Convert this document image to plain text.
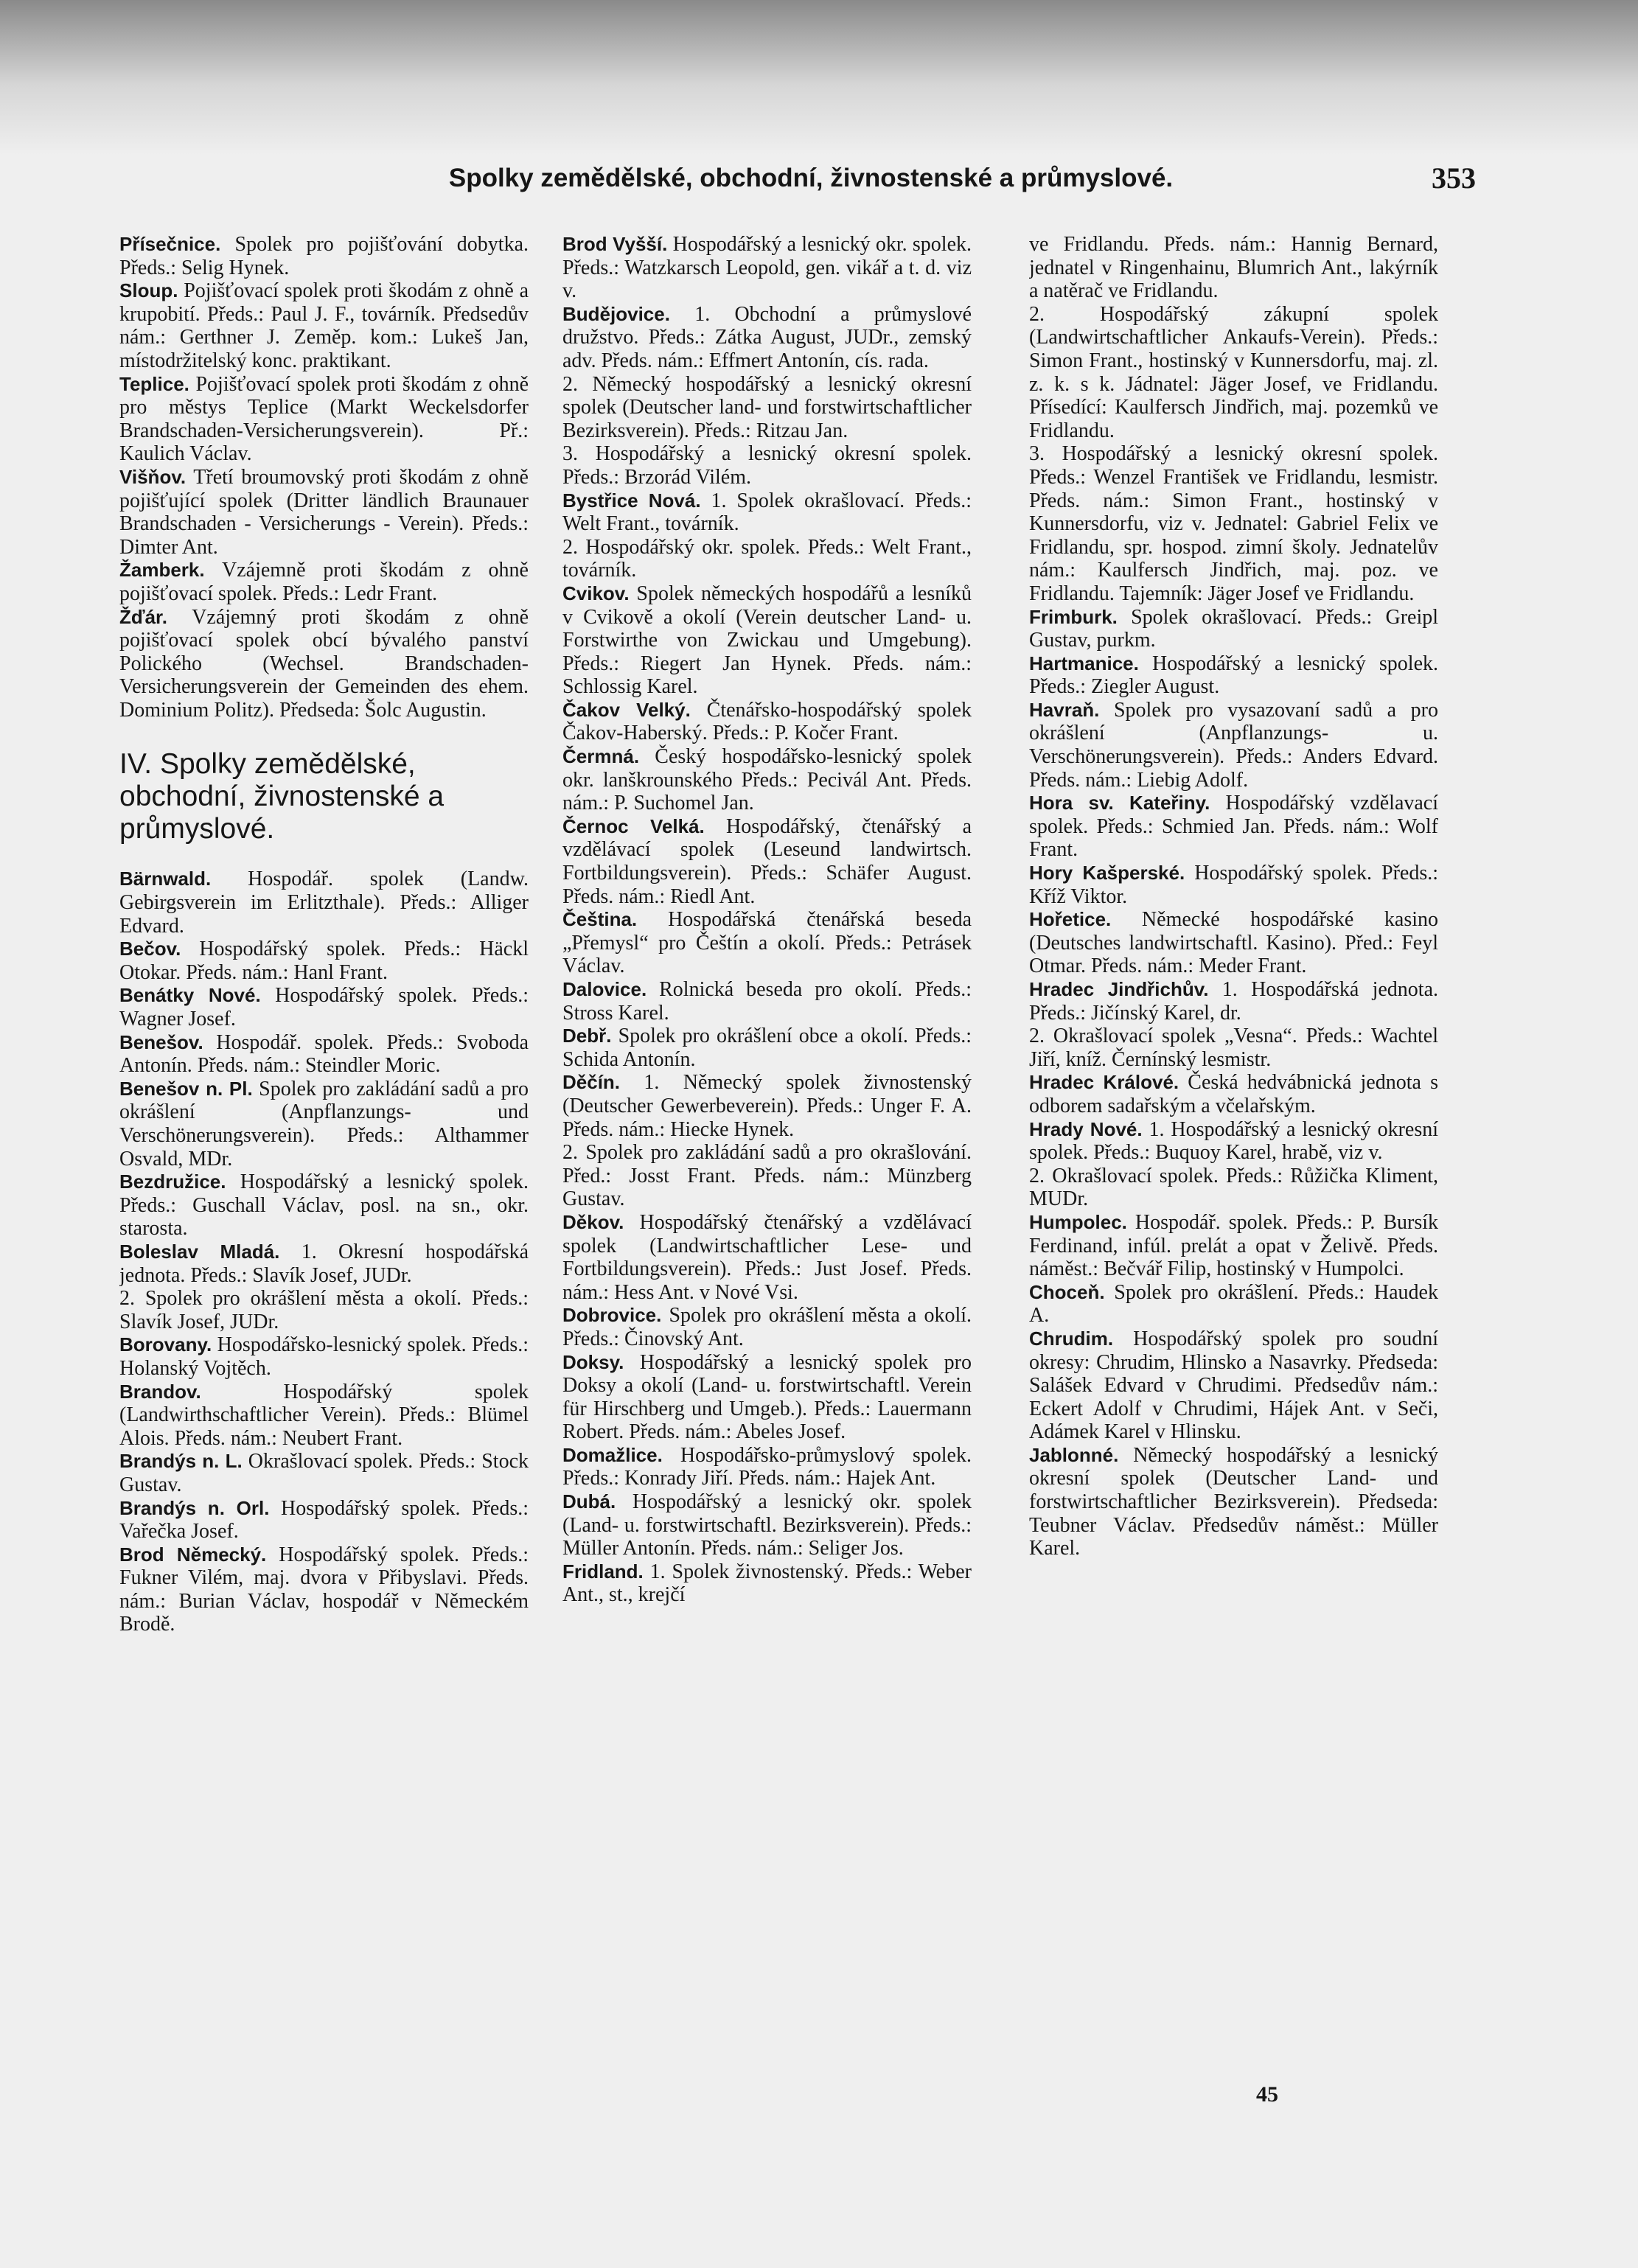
Spolky zemědělské, obchodní, živnostenské a průmyslové.	353

Přísečnice. Spolek pro pojišťování dobytka. Předs.: Selig Hynek.

Sloup. Pojišťovací spolek proti škodám z ohně a krupobití. Předs.: Paul J. F., továrník. Předsedův nám.: Gerthner J. Zeměp. kom.: Lukeš Jan, místodržitelský konc. praktikant.

Teplice. Pojišťovací spolek proti škodám z ohně pro městys Teplice (Markt Weckelsdorfer Brandschaden-Versicherungsverein). Př.: Kaulich Václav.

Višňov. Třetí broumovský proti škodám z ohně pojišťující spolek (Dritter ländlich Braunauer Brandschaden - Versicherungs - Verein). Předs.: Dimter Ant.

Žamberk. Vzájemně proti škodám z ohně pojišťovací spolek. Předs.: Ledr Frant.

Žďár. Vzájemný proti škodám z ohně pojišťovací spolek obcí bývalého panství Polického (Wechsel. Brandschaden-Versicherungsverein der Gemeinden des ehem. Dominium Politz). Předseda: Šolc Augustin.

IV. Spolky zemědělské, obchodní, živnostenské a průmyslové.

Bärnwald. Hospodář. spolek (Landw. Gebirgsverein im Erlitzthale). Předs.: Alliger Edvard.

Bečov. Hospodářský spolek. Předs.: Häckl Otokar. Předs. nám.: Hanl Frant.

Benátky Nové. Hospodářský spolek. Předs.: Wagner Josef.

Benešov. Hospodář. spolek. Předs.: Svoboda Antonín. Předs. nám.: Steindler Moric.

Benešov n. Pl. Spolek pro zakládání sadů a pro okrášlení (Anpflanzungs- und Verschönerungsverein). Předs.: Althammer Osvald, MDr.

Bezdružice. Hospodářský a lesnický spolek. Předs.: Guschall Václav, posl. na sn., okr. starosta.

Boleslav Mladá. 1. Okresní hospodářská jednota. Předs.: Slavík Josef, JUDr.

2. Spolek pro okrášlení města a okolí. Předs.: Slavík Josef, JUDr.

Borovany. Hospodářsko-lesnický spolek. Předs.: Holanský Vojtěch.

Brandov.	Hospodářský spolek (Landwirthschaftlicher Verein). Předs.: Blümel Alois. Předs. nám.: Neubert Frant.

Brandýs n. L. Okrašlovací spolek. Předs.: Stock Gustav.

Brandýs n. Orl. Hospodářský spolek. Předs.: Vařečka Josef.

Brod Německý. Hospodářský spolek. Předs.: Fukner Vilém, maj. dvora v Přibyslavi. Předs. nám.: Burian Václav, hospodář v Německém Brodě.

Brod Vyšší. Hospodářský a lesnický okr. spolek. Předs.: Watzkarsch Leopold, gen. vikář a t. d. viz v.

Budějovice. 1. Obchodní a průmyslové družstvo. Předs.: Zátka August, JUDr., zemský adv. Předs. nám.: Effmert Antonín, cís. rada.

2. Německý hospodářský a lesnický okresní spolek (Deutscher land- und forstwirtschaftlicher Bezirksverein). Předs.: Ritzau Jan.

3. Hospodářský a lesnický okresní spolek. Předs.: Brzorád Vilém.

Bystřice Nová. 1. Spolek okrašlovací. Předs.: Welt Frant., továrník.

2. Hospodářský okr. spolek. Předs.: Welt Frant., továrník.

Cvikov. Spolek německých hospodářů a lesníků v Cvikově a okolí (Verein deutscher Land- u. Forstwirthe von Zwickau und Umgebung). Předs.: Riegert Jan Hynek. Předs. nám.: Schlossig Karel.

Čakov Velký. Čtenářsko-hospodářský spolek Čakov-Haberský. Předs.: P. Kočer Frant.

Čermná. Český hospodářsko-lesnický spolek okr. lanškrounského Předs.: Pecivál Ant. Předs. nám.: P. Suchomel Jan.

Černoc Velká. Hospodářský, čtenářský a vzdělávací spolek (Leseund landwirtsch. Fortbildungsverein). Předs.: Schäfer August. Předs. nám.: Riedl Ant.

Čeština. Hospodářská čtenářská beseda „Přemysl“ pro Češtín a okolí. Předs.: Petrásek Václav.

Dalovice. Rolnická beseda pro okolí. Předs.: Stross Karel.

Debř. Spolek pro okrášlení obce a okolí. Předs.: Schida Antonín.

Děčín. 1. Německý spolek živnostenský (Deutscher Gewerbeverein). Předs.: Unger F. A. Předs. nám.: Hiecke Hynek.

2. Spolek pro zakládání sadů a pro okrašlování. Před.: Josst Frant. Předs. nám.: Münzberg Gustav.

Děkov. Hospodářský čtenářský a vzdělávací spolek (Landwirtschaftlicher Lese- und Fortbildungsverein). Předs.: Just Josef. Předs. nám.: Hess Ant. v Nové Vsi.

Dobrovice. Spolek pro okrášlení města a okolí. Předs.: Činovský Ant.

Doksy. Hospodářský a lesnický spolek pro Doksy a okolí (Land- u. forstwirtschaftl. Verein für Hirschberg und Umgeb.). Předs.: Lauermann Robert. Předs. nám.: Abeles Josef.

Domažlice. Hospodářsko-průmyslový spolek. Předs.: Konrady Jiří. Předs. nám.: Hajek Ant.

Dubá. Hospodářský a lesnický okr. spolek (Land- u. forstwirtschaftl. Bezirksverein). Předs.: Müller Antonín. Předs. nám.: Seliger Jos.

Fridland. 1. Spolek živnostenský. Předs.: Weber Ant., st., krejčí

ve Fridlandu. Předs. nám.: Hannig Bernard, jednatel v Ringenhainu, Blumrich Ant., lakýrník a natěrač ve Fridlandu.

2. Hospodářský zákupní spolek (Landwirtschaftlicher Ankaufs-Verein). Předs.: Simon Frant., hostinský v Kunnersdorfu, maj. zl. z. k. s k. Jádnatel: Jäger Josef, ve Fridlandu. Přísedící: Kaulfersch Jindřich, maj. pozemků ve Fridlandu.

3. Hospodářský a lesnický okresní spolek. Předs.: Wenzel František ve Fridlandu, lesmistr. Předs. nám.: Simon Frant., hostinský v Kunnersdorfu, viz v. Jednatel: Gabriel Felix ve Fridlandu, spr. hospod. zimní školy. Jednatelův nám.: Kaulfersch Jindřich, maj. poz. ve Fridlandu. Tajemník: Jäger Josef ve Fridlandu.

Frimburk. Spolek okrašlovací. Předs.: Greipl Gustav, purkm.

Hartmanice. Hospodářský a lesnický spolek. Předs.: Ziegler August.

Havraň. Spolek pro vysazovaní sadů a pro okrášlení (Anpflanzungs- u. Verschönerungsverein). Předs.: Anders Edvard. Předs. nám.: Liebig Adolf.

Hora sv. Kateřiny. Hospodářský vzdělavací spolek. Předs.: Schmied Jan. Předs. nám.: Wolf Frant.

Hory Kašperské. Hospodářský spolek. Předs.: Kříž Viktor.

Hořetice. Německé hospodářské kasino (Deutsches landwirtschaftl. Kasino). Před.: Feyl Otmar. Předs. nám.: Meder Frant.

Hradec Jindřichův. 1. Hospodářská jednota. Předs.: Jičínský Karel, dr.

2. Okrašlovací spolek „Vesna“. Předs.: Wachtel Jiří, kníž. Černínský lesmistr.

Hradec Králové. Česká hedvábnická jednota s odborem sadařským a včelařským.

Hrady Nové. 1. Hospodářský a lesnický okresní spolek. Předs.: Buquoy Karel, hrabě, viz v.

2. Okrašlovací spolek. Předs.: Růžička Kliment, MUDr.

Humpolec. Hospodář. spolek. Předs.: P. Bursík Ferdinand, infúl. prelát a opat v Želivě. Předs. náměst.: Bečvář Filip, hostinský v Humpolci.

Choceň. Spolek pro okrášlení. Předs.: Haudek A.

Chrudim. Hospodářský spolek pro soudní okresy: Chrudim, Hlinsko a Nasavrky. Předseda: Salášek Edvard v Chrudimi. Předsedův nám.: Eckert Adolf v Chrudimi, Hájek Ant. v Seči, Adámek Karel v Hlinsku.

Jablonné. Německý hospodářský a lesnický okresní spolek (Deutscher Land- und forstwirtschaftlicher Bezirksverein). Předseda: Teubner Václav. Předsedův náměst.: Müller Karel.

45
